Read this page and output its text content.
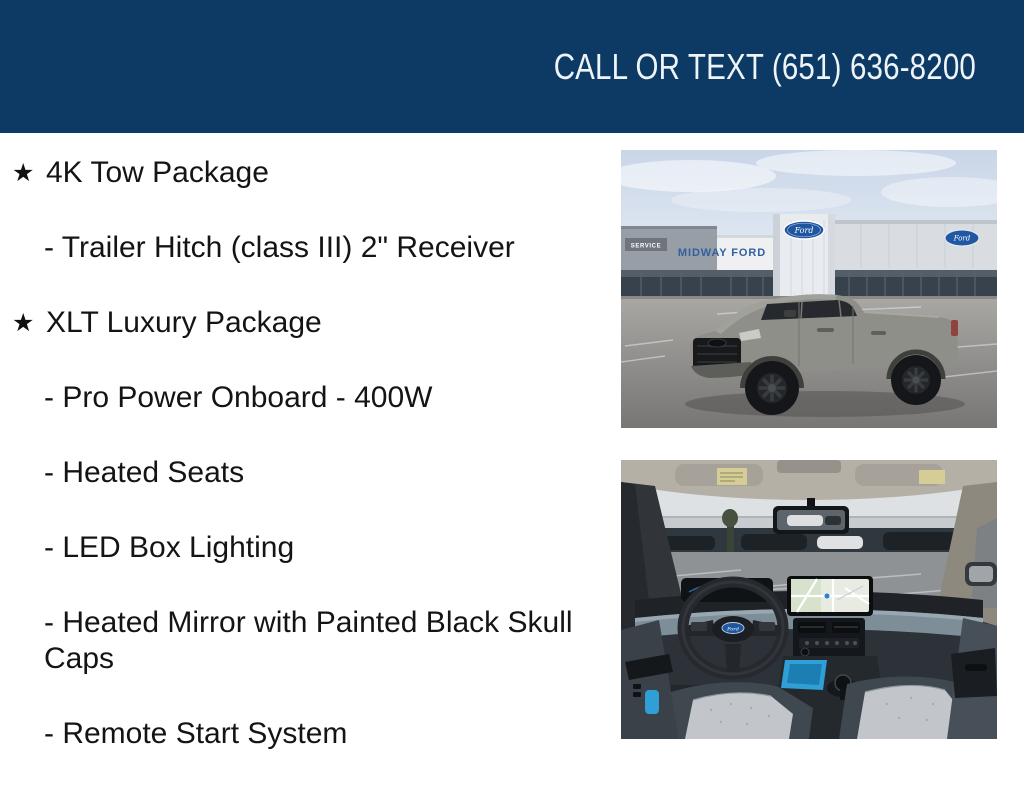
CALL OR TEXT (651) 636-8200
★ 4K Tow Package
- Trailer Hitch (class III) 2" Receiver
★ XLT Luxury Package
- Pro Power Onboard - 400W
- Heated Seats
- LED Box Lighting
- Heated Mirror with Painted Black Skull Caps
- Remote Start System
SERVICE
MIDWAY FORD
Ford
Ford
Ford
